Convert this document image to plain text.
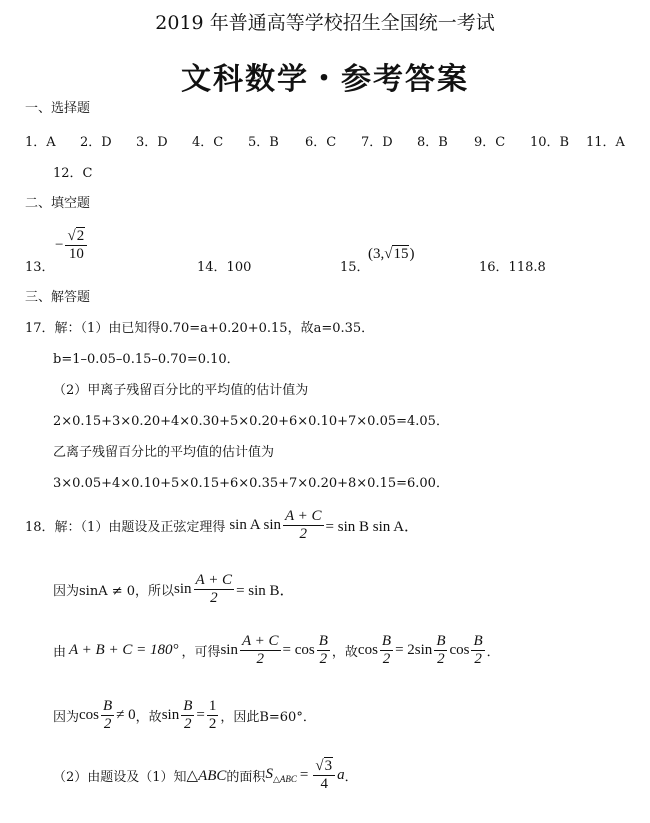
2019 年普通高等学校招生全国统一考试
文科数学・参考答案
一、选择题
1．A 2．D 3．D 4．C 5．B 6．C 7．D 8．B 9．C 10．B 11．A
12．C
二、填空题
13．
− $\frac{√2}{10}$
14．100	15．
(3,√15)
16．118.8
三、解答题
17．解：（1）由已知得0.70=a+0.20+0.15，故a=0.35．
b=1–0.05–0.15–0.70=0.10．
（2）甲离子残留百分比的平均值的估计值为
2×0.15+3×0.20+4×0.30+5×0.20+6×0.10+7×0.05=4.05．
乙离子残留百分比的平均值的估计值为
3×0.05+4×0.10+5×0.15+6×0.35+7×0.20+8×0.15=6.00．
18．解：（1）由题设及正弦定理得 sin A $\sin \frac{A + C}{2} = \sin B$ sin A．
因为sinA ≠ 0，所以 $\sin \frac{A + C}{2} = \sin B$．
由 A + B + C = 180° ，可得 $\sin \frac{A + C}{2} = \cos \frac{B}{2}$ ，故 $\cos \frac{B}{2} = 2\sin \frac{B}{2}$ $\cos \frac{B}{2}$ ．
因为 $\cos \frac{B}{2} \ne 0$ ，故 $\sin \frac{B}{2} = \frac{1}{2}$ ，因此B=60°．
（2）由题设及（1）知 △ABC 的面积 $S_{\triangle ABC} = \frac{√3}{4}$ a ．
